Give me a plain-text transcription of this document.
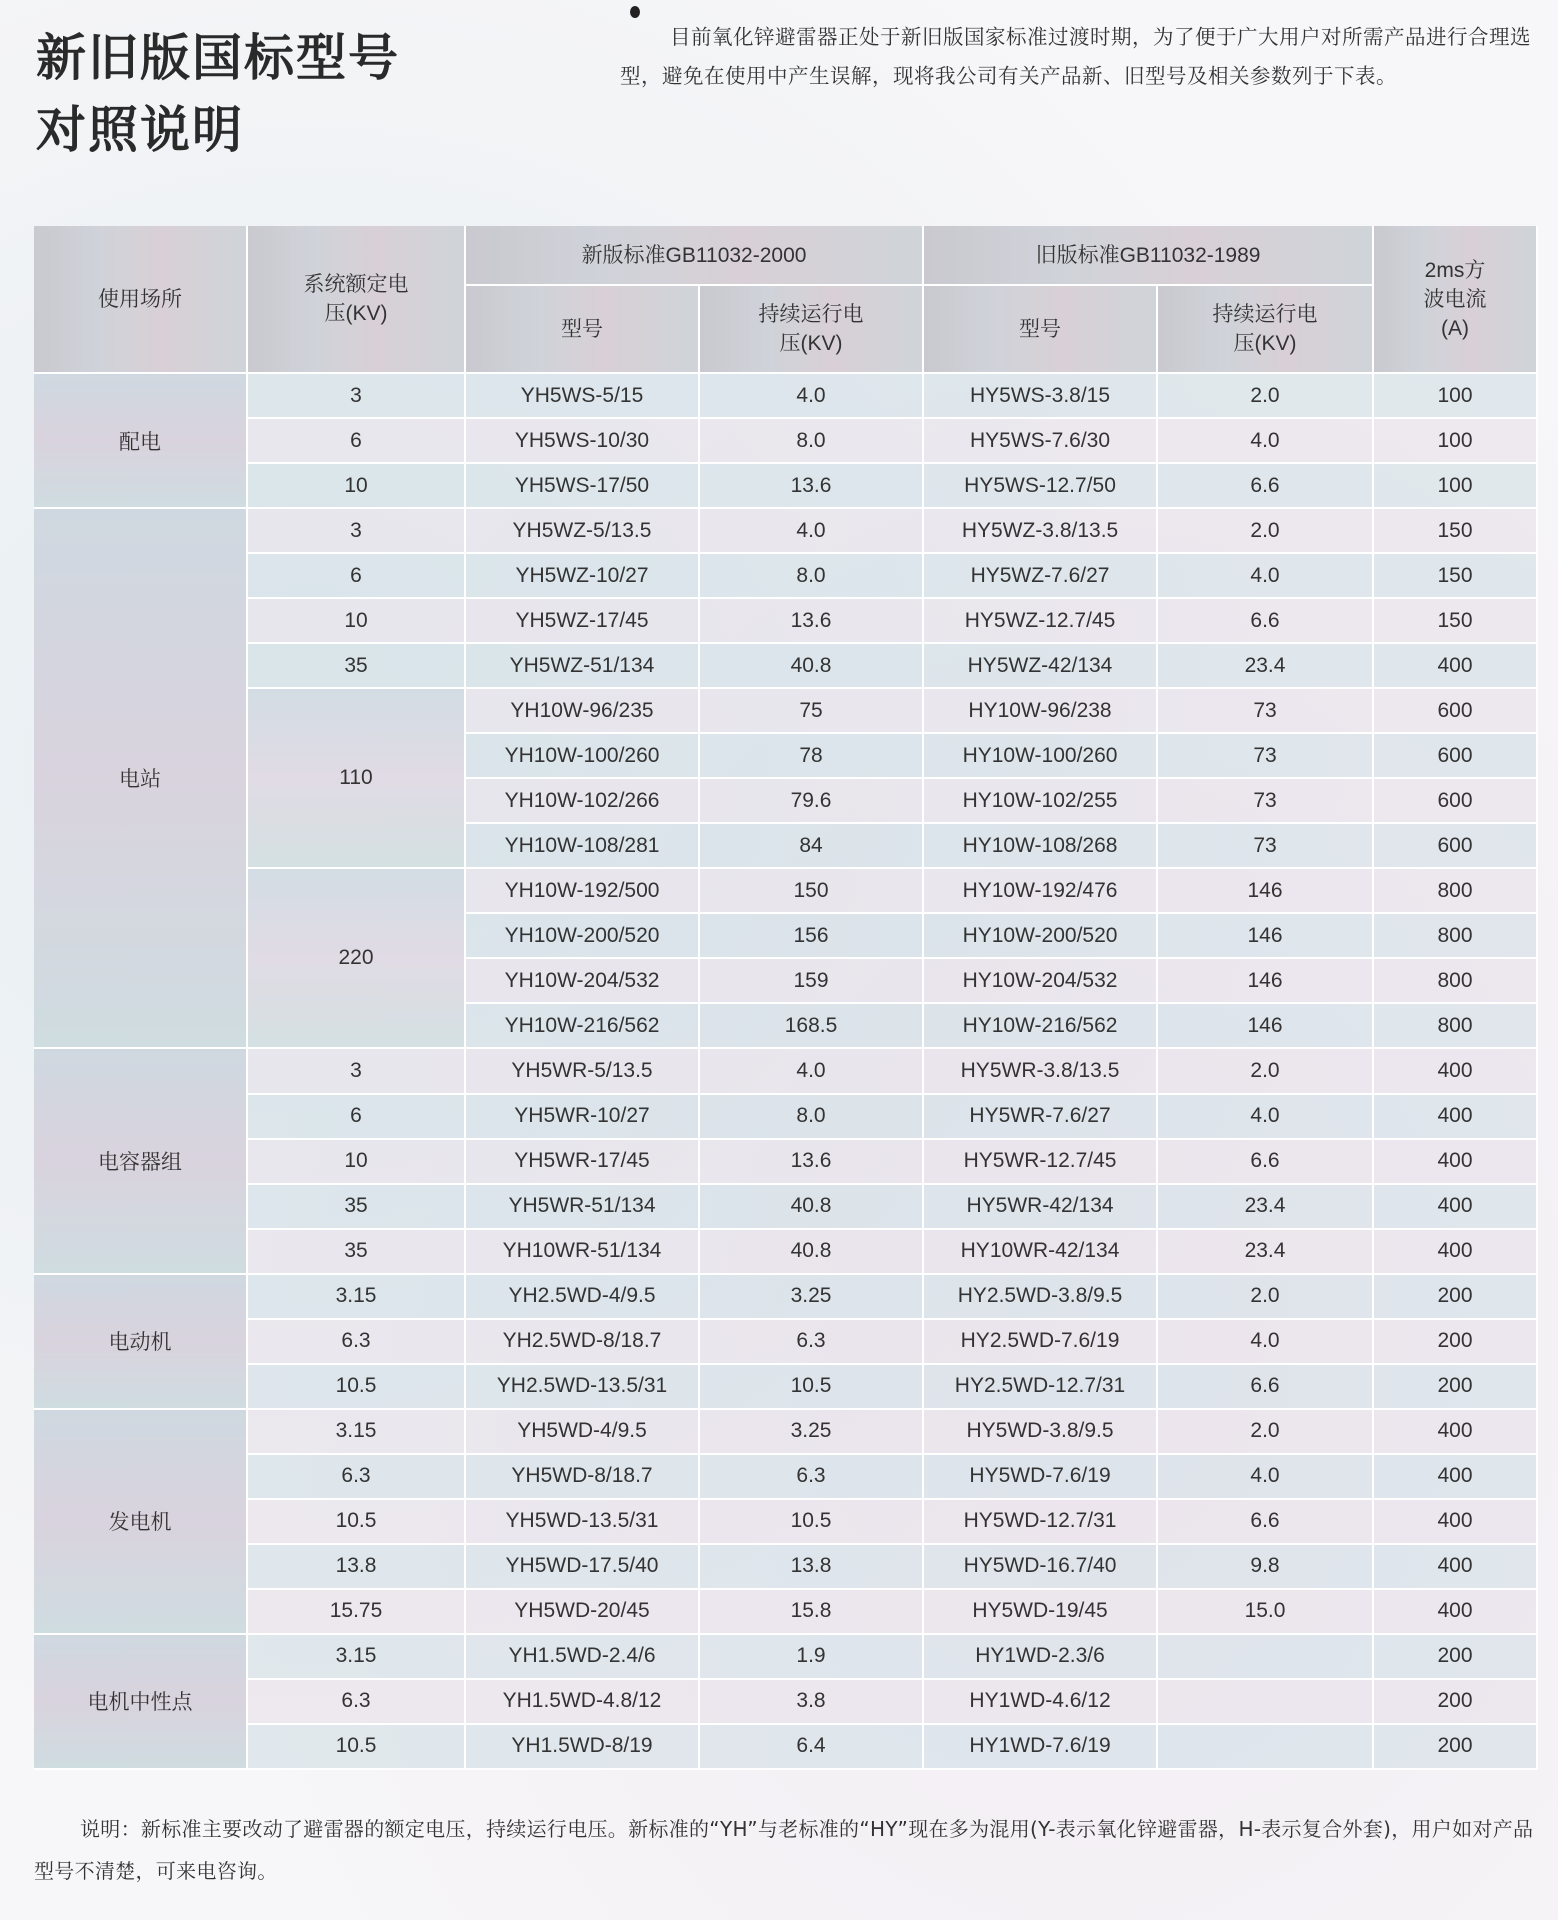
新旧版国标型号
对照说明

目前氧化锌避雷器正处于新旧版国家标准过渡时期，为了便于广大用户对所需产品进行合理选型，避免在使用中产生误解，现将我公司有关产品新、旧型号及相关参数列于下表。

使用场所	系统额定电压(KV)	新版标准GB11032-2000		旧版标准GB11032-1989		2ms方波电流(A)
		型号	持续运行电压(KV)	型号	持续运行电压(KV)	
配电	3	YH5WS-5/15	4.0	HY5WS-3.8/15	2.0	100
	6	YH5WS-10/30	8.0	HY5WS-7.6/30	4.0	100
	10	YH5WS-17/50	13.6	HY5WS-12.7/50	6.6	100
电站	3	YH5WZ-5/13.5	4.0	HY5WZ-3.8/13.5	2.0	150
	6	YH5WZ-10/27	8.0	HY5WZ-7.6/27	4.0	150
	10	YH5WZ-17/45	13.6	HY5WZ-12.7/45	6.6	150
	35	YH5WZ-51/134	40.8	HY5WZ-42/134	23.4	400
	110	YH10W-96/235	75	HY10W-96/238	73	600
		YH10W-100/260	78	HY10W-100/260	73	600
		YH10W-102/266	79.6	HY10W-102/255	73	600
		YH10W-108/281	84	HY10W-108/268	73	600
	220	YH10W-192/500	150	HY10W-192/476	146	800
		YH10W-200/520	156	HY10W-200/520	146	800
		YH10W-204/532	159	HY10W-204/532	146	800
		YH10W-216/562	168.5	HY10W-216/562	146	800
电容器组	3	YH5WR-5/13.5	4.0	HY5WR-3.8/13.5	2.0	400
	6	YH5WR-10/27	8.0	HY5WR-7.6/27	4.0	400
	10	YH5WR-17/45	13.6	HY5WR-12.7/45	6.6	400
	35	YH5WR-51/134	40.8	HY5WR-42/134	23.4	400
	35	YH10WR-51/134	40.8	HY10WR-42/134	23.4	400
电动机	3.15	YH2.5WD-4/9.5	3.25	HY2.5WD-3.8/9.5	2.0	200
	6.3	YH2.5WD-8/18.7	6.3	HY2.5WD-7.6/19	4.0	200
	10.5	YH2.5WD-13.5/31	10.5	HY2.5WD-12.7/31	6.6	200
发电机	3.15	YH5WD-4/9.5	3.25	HY5WD-3.8/9.5	2.0	400
	6.3	YH5WD-8/18.7	6.3	HY5WD-7.6/19	4.0	400
	10.5	YH5WD-13.5/31	10.5	HY5WD-12.7/31	6.6	400
	13.8	YH5WD-17.5/40	13.8	HY5WD-16.7/40	9.8	400
	15.75	YH5WD-20/45	15.8	HY5WD-19/45	15.0	400
电机中性点	3.15	YH1.5WD-2.4/6	1.9	HY1WD-2.3/6		200
	6.3	YH1.5WD-4.8/12	3.8	HY1WD-4.6/12		200
	10.5	YH1.5WD-8/19	6.4	HY1WD-7.6/19		200

说明：新标准主要改动了避雷器的额定电压，持续运行电压。新标准的“YH”与老标准的“HY”现在多为混用(Y-表示氧化锌避雷器，H-表示复合外套)，用户如对产品型号不清楚，可来电咨询。
